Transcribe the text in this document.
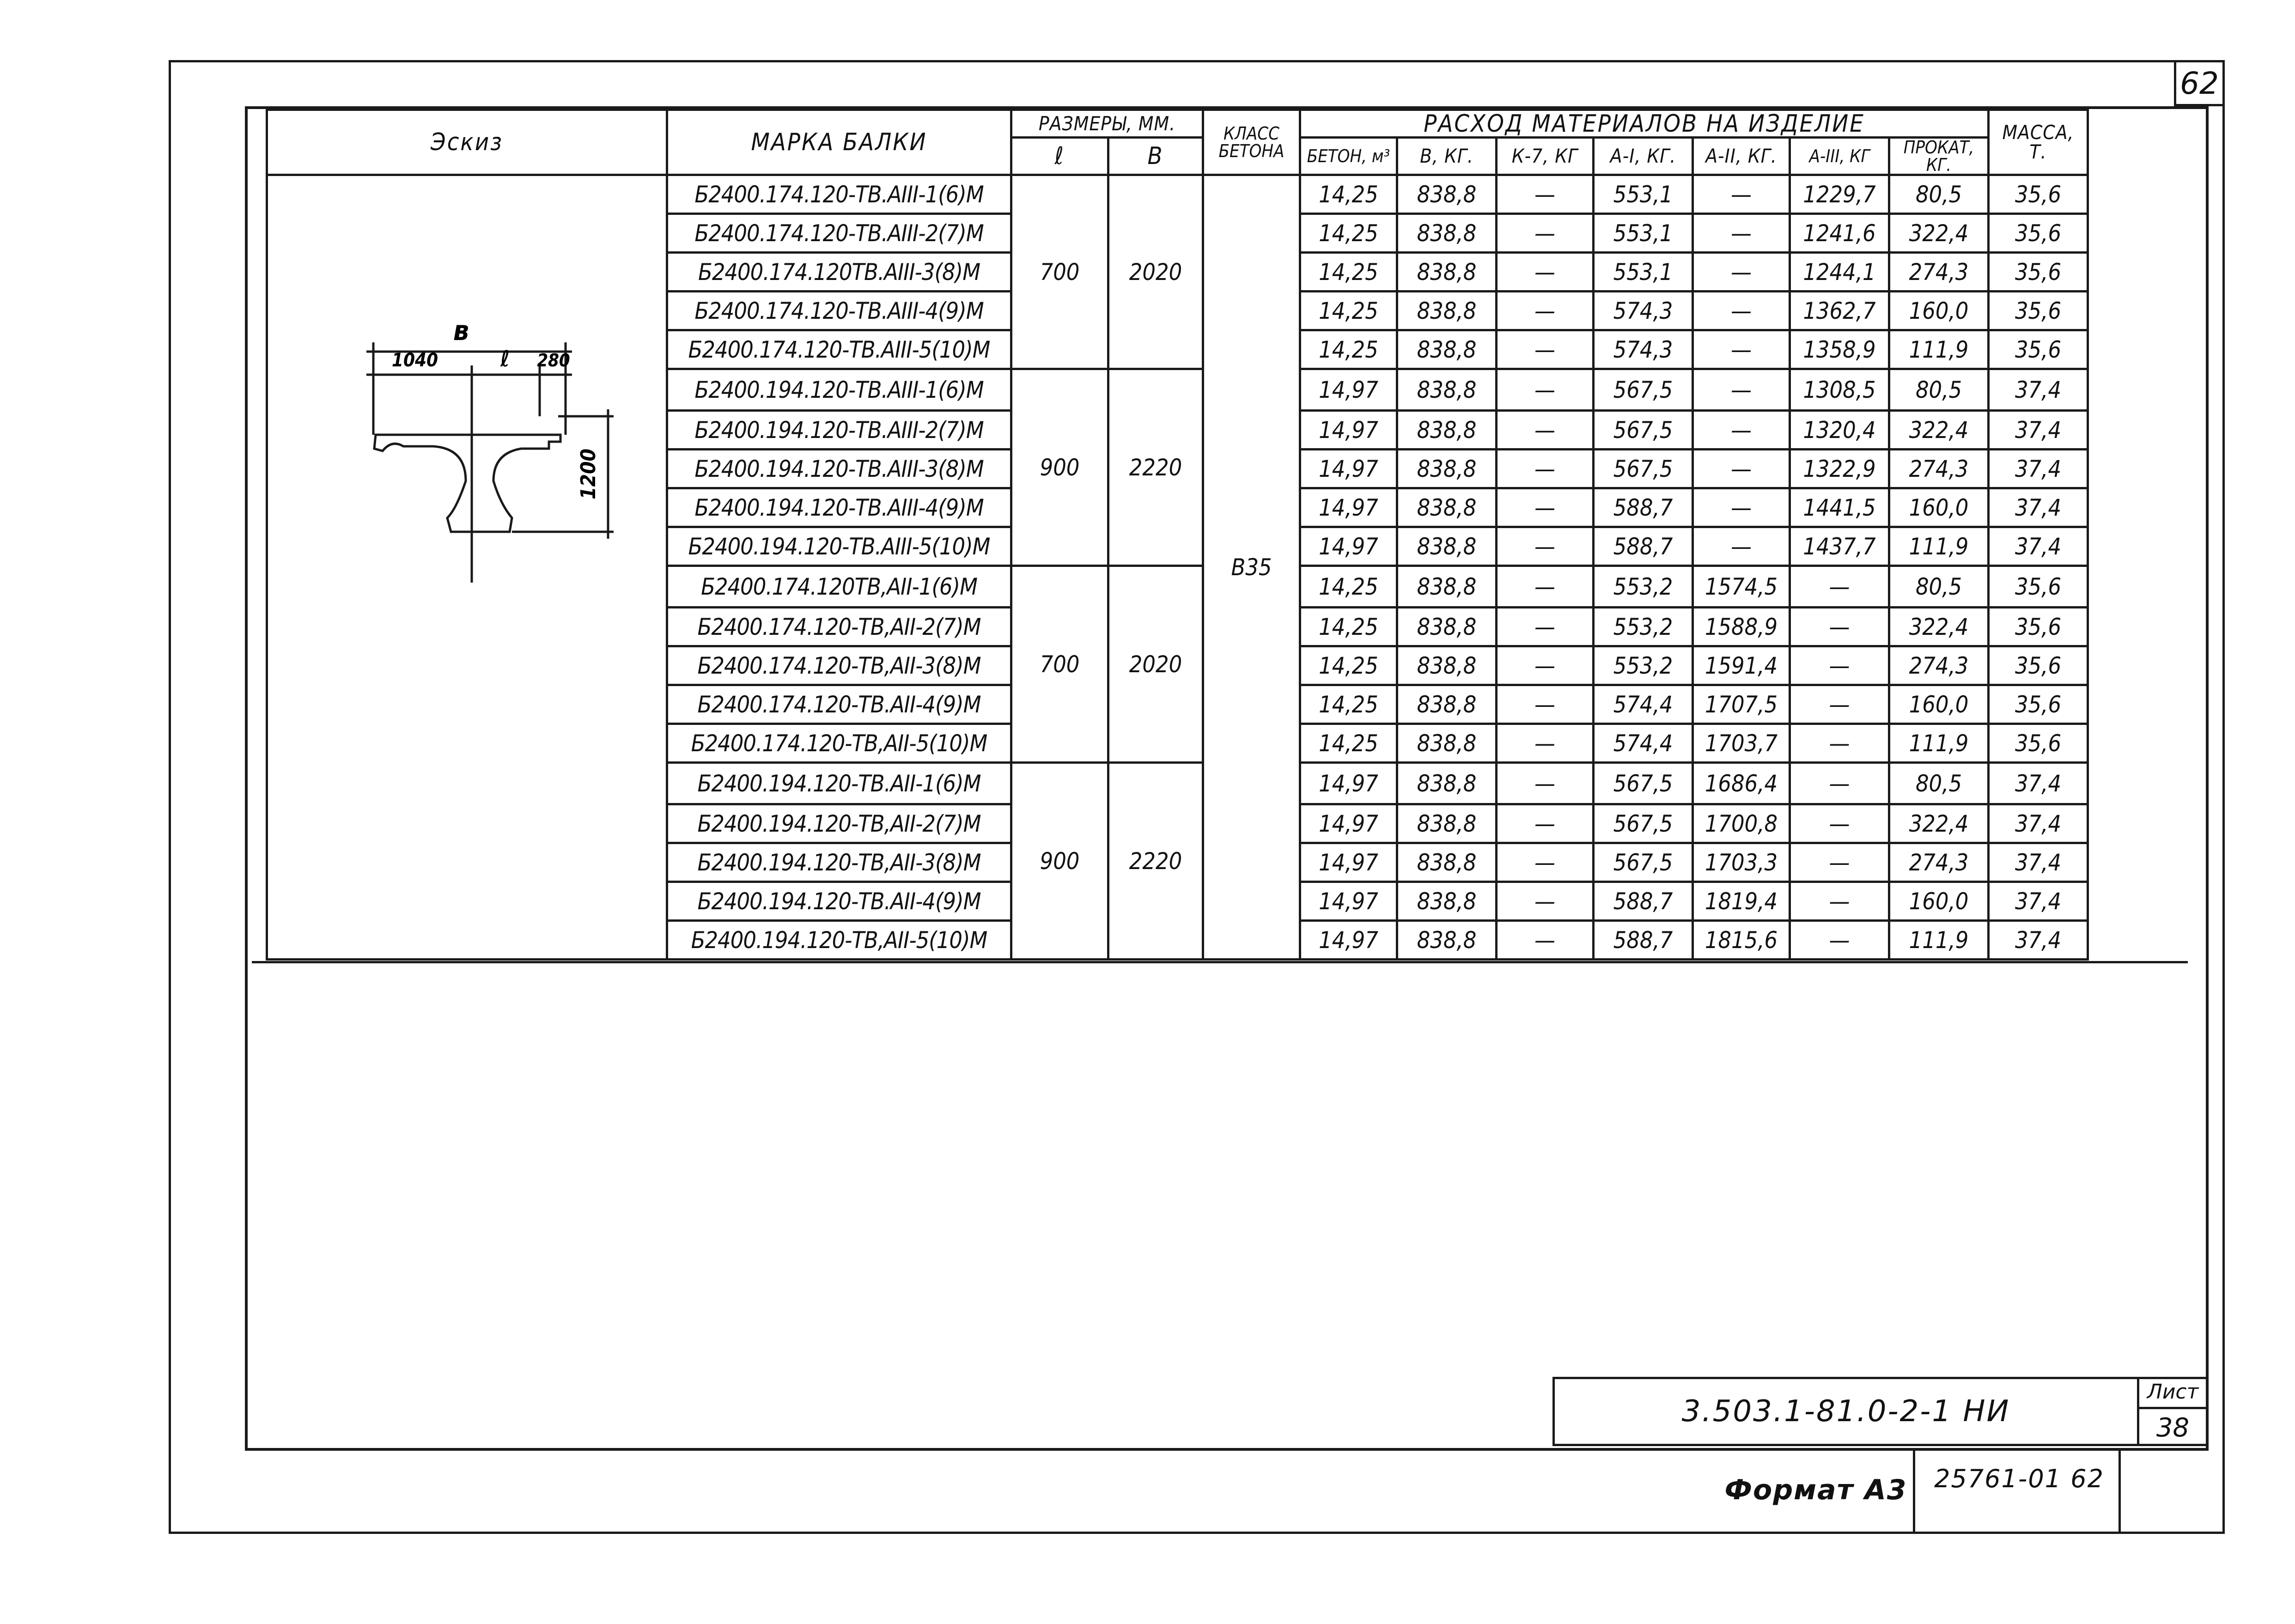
62
Эскиз	МАРКА БАЛКИ	РАЗМЕРЫ, ММ.		КЛАСС БЕТОНА	РАСХОД МАТЕРИАЛОВ НА ИЗДЕЛИЕ							МАССА, Т.
		ℓ	В		БЕТОН, м³	В, КГ.	К-7, КГ	А-I, КГ.	А-II, КГ.	А-III, КГ	ПРОКАТ, КГ.	

в
1040 ℓ 280
1200	Б2400.174.120-ТВ.АIII-1(6)М	700	2020	В35	14,25	838,8	—	553,1	—	1229,7	80,5	35,6
	Б2400.174.120-ТВ.АIII-2(7)М				14,25	838,8	—	553,1	—	1241,6	322,4	35,6
	Б2400.174.120ТВ.АIII-3(8)М				14,25	838,8	—	553,1	—	1244,1	274,3	35,6
	Б2400.174.120-ТВ.АIII-4(9)М				14,25	838,8	—	574,3	—	1362,7	160,0	35,6
	Б2400.174.120-ТВ.АIII-5(10)М				14,25	838,8	—	574,3	—	1358,9	111,9	35,6
	Б2400.194.120-ТВ.АIII-1(6)М	900	2220		14,97	838,8	—	567,5	—	1308,5	80,5	37,4
	Б2400.194.120-ТВ.АIII-2(7)М				14,97	838,8	—	567,5	—	1320,4	322,4	37,4
	Б2400.194.120-ТВ.АIII-3(8)М				14,97	838,8	—	567,5	—	1322,9	274,3	37,4
	Б2400.194.120-ТВ.АIII-4(9)М				14,97	838,8	—	588,7	—	1441,5	160,0	37,4
	Б2400.194.120-ТВ.АIII-5(10)М				14,97	838,8	—	588,7	—	1437,7	111,9	37,4
	Б2400.174.120ТВ,АII-1(6)М	700	2020		14,25	838,8	—	553,2	1574,5	—	80,5	35,6
	Б2400.174.120-ТВ,АII-2(7)М				14,25	838,8	—	553,2	1588,9	—	322,4	35,6
	Б2400.174.120-ТВ,АII-3(8)М				14,25	838,8	—	553,2	1591,4	—	274,3	35,6
	Б2400.174.120-ТВ.АII-4(9)М				14,25	838,8	—	574,4	1707,5	—	160,0	35,6
	Б2400.174.120-ТВ,АII-5(10)М				14,25	838,8	—	574,4	1703,7	—	111,9	35,6
	Б2400.194.120-ТВ.АII-1(6)М	900	2220		14,97	838,8	—	567,5	1686,4	—	80,5	37,4
	Б2400.194.120-ТВ,АII-2(7)М				14,97	838,8	—	567,5	1700,8	—	322,4	37,4
	Б2400.194.120-ТВ,АII-3(8)М				14,97	838,8	—	567,5	1703,3	—	274,3	37,4
	Б2400.194.120-ТВ.АII-4(9)М				14,97	838,8	—	588,7	1819,4	—	160,0	37,4
	Б2400.194.120-ТВ,АII-5(10)М				14,97	838,8	—	588,7	1815,6	—	111,9	37,4
3.503.1-81.0-2-1 НИ
Лист
38
Формат А3	25761-01 62
